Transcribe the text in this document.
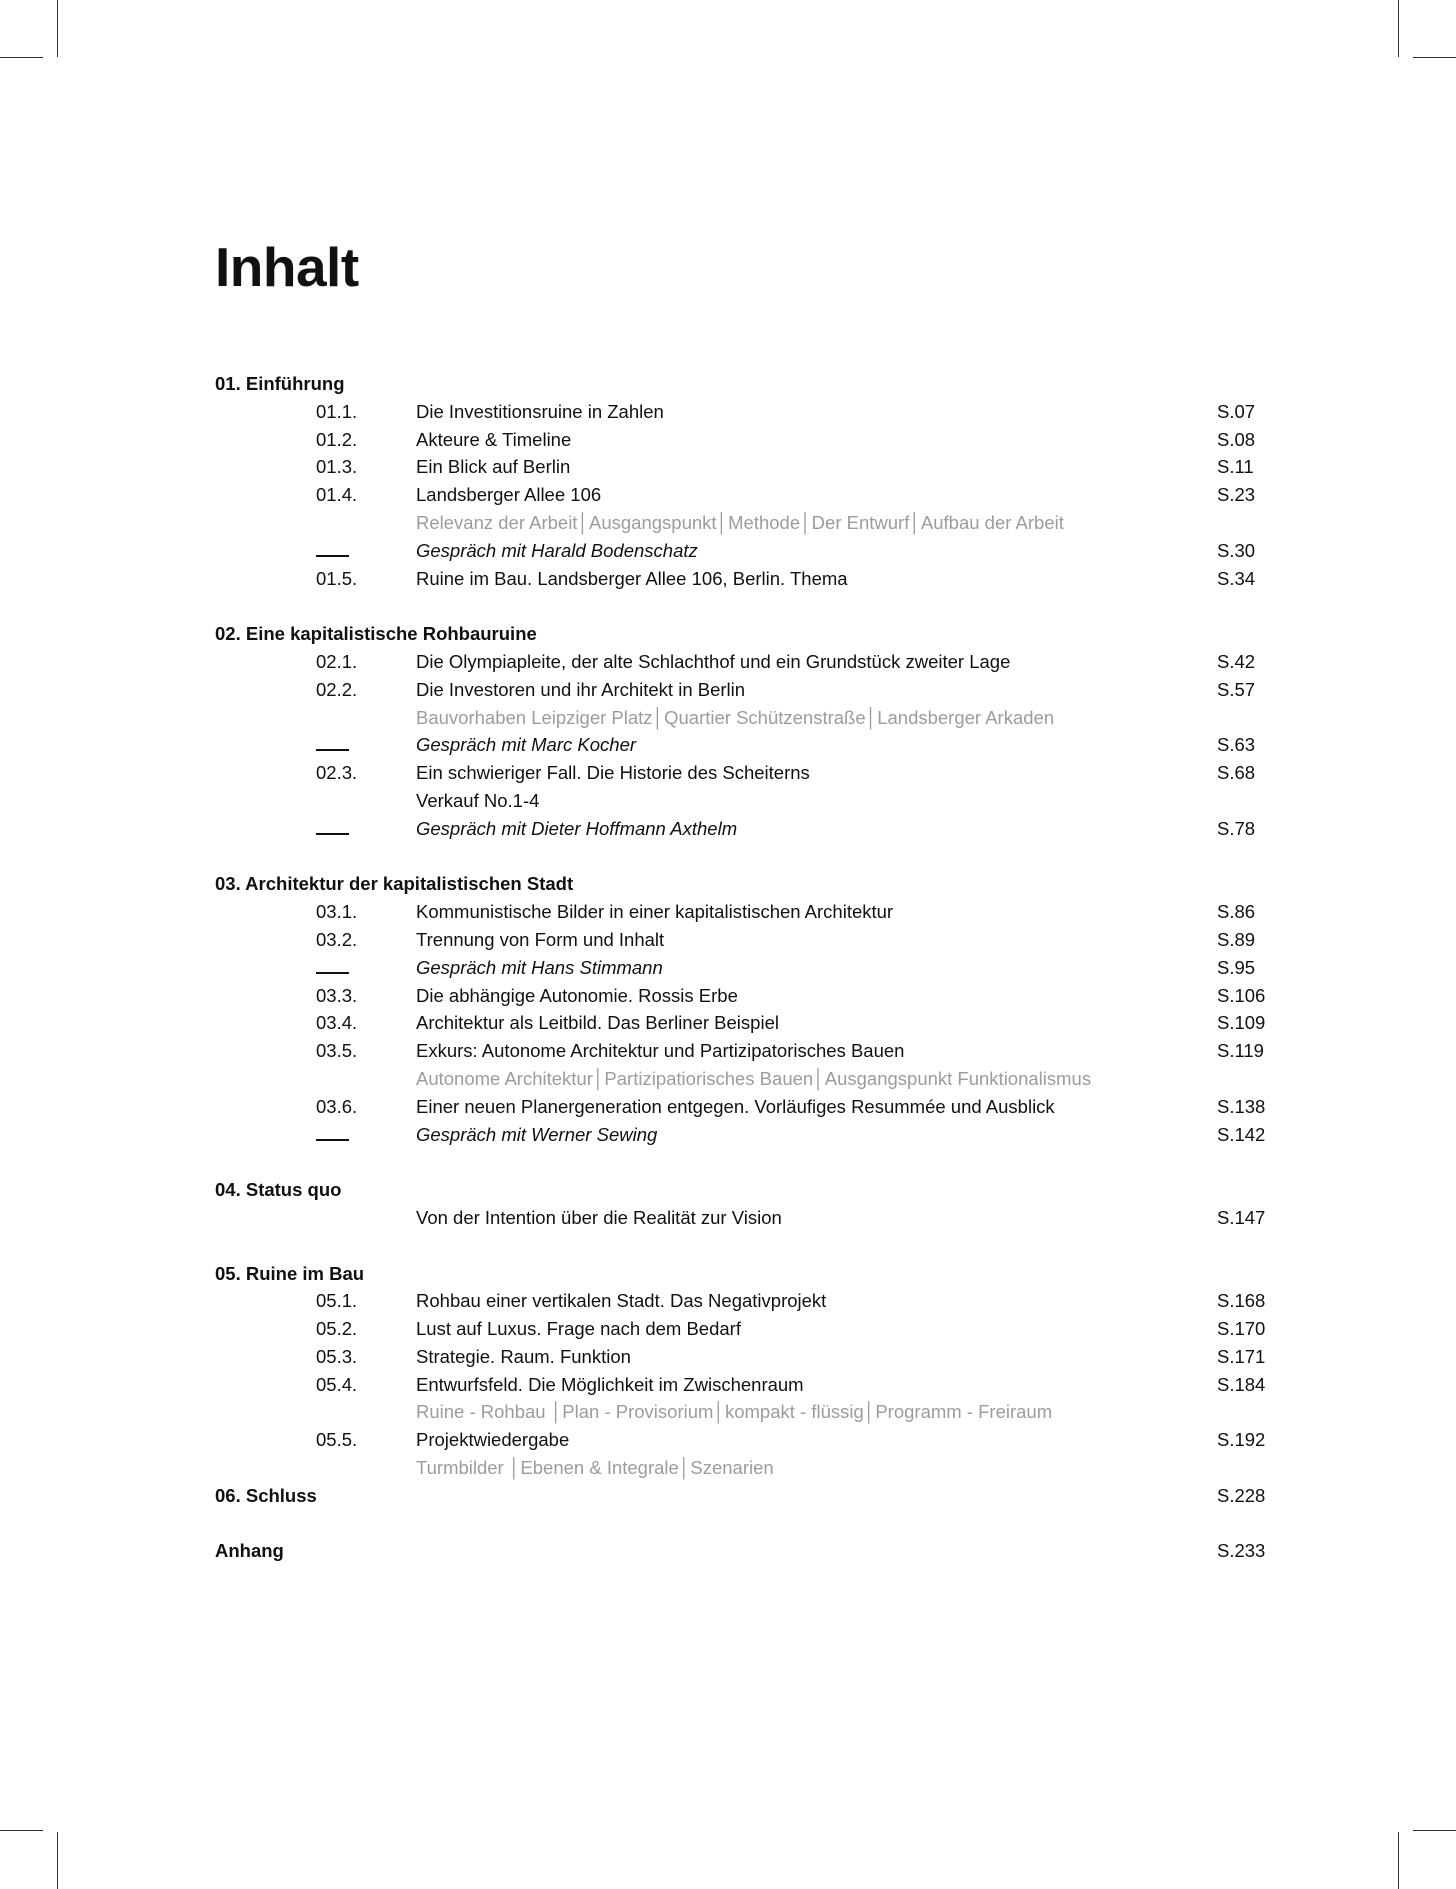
Inhalt
01. Einführung
01.1.	Die Investitionsruine in Zahlen	S.07
01.2.	Akteure & Timeline	S.08
01.3.	Ein Blick auf Berlin	S.11
01.4.	Landsberger Allee 106	S.23
Relevanz der Arbeit│Ausgangspunkt│Methode│Der Entwurf│Aufbau der Arbeit
Gespräch mit Harald Bodenschatz	S.30
01.5.	Ruine im Bau. Landsberger Allee 106, Berlin. Thema	S.34
02. Eine kapitalistische Rohbauruine
02.1.	Die Olympiapleite, der alte Schlachthof und ein Grundstück zweiter Lage	S.42
02.2.	Die Investoren und ihr Architekt in Berlin	S.57
Bauvorhaben Leipziger Platz│Quartier Schützenstraße│Landsberger Arkaden
Gespräch mit Marc Kocher	S.63
02.3.	Ein schwieriger Fall. Die Historie des Scheiterns	S.68
Verkauf No.1-4
Gespräch mit Dieter Hoffmann Axthelm	S.78
03. Architektur der kapitalistischen Stadt
03.1.	Kommunistische Bilder in einer kapitalistischen Architektur	S.86
03.2.	Trennung von Form und Inhalt	S.89
Gespräch mit Hans Stimmann	S.95
03.3.	Die abhängige Autonomie. Rossis Erbe	S.106
03.4.	Architektur als Leitbild. Das Berliner Beispiel	S.109
03.5.	Exkurs: Autonome Architektur und Partizipatorisches Bauen	S.119
Autonome Architektur│Partizipatiorisches Bauen│Ausgangspunkt Funktionalismus
03.6.	Einer neuen Planergeneration entgegen. Vorläufiges Resummée und Ausblick	S.138
Gespräch mit Werner Sewing	S.142
04. Status quo
Von der Intention über die Realität zur Vision	S.147
05. Ruine im Bau
05.1.	Rohbau einer vertikalen Stadt. Das Negativprojekt	S.168
05.2.	Lust auf Luxus. Frage nach dem Bedarf	S.170
05.3.	Strategie. Raum. Funktion	S.171
05.4.	Entwurfsfeld. Die Möglichkeit im Zwischenraum	S.184
Ruine - Rohbau │Plan - Provisorium│kompakt - flüssig│Programm - Freiraum
05.5.	Projektwiedergabe	S.192
Turmbilder │Ebenen & Integrale│Szenarien
06. Schluss	S.228
Anhang	S.233
